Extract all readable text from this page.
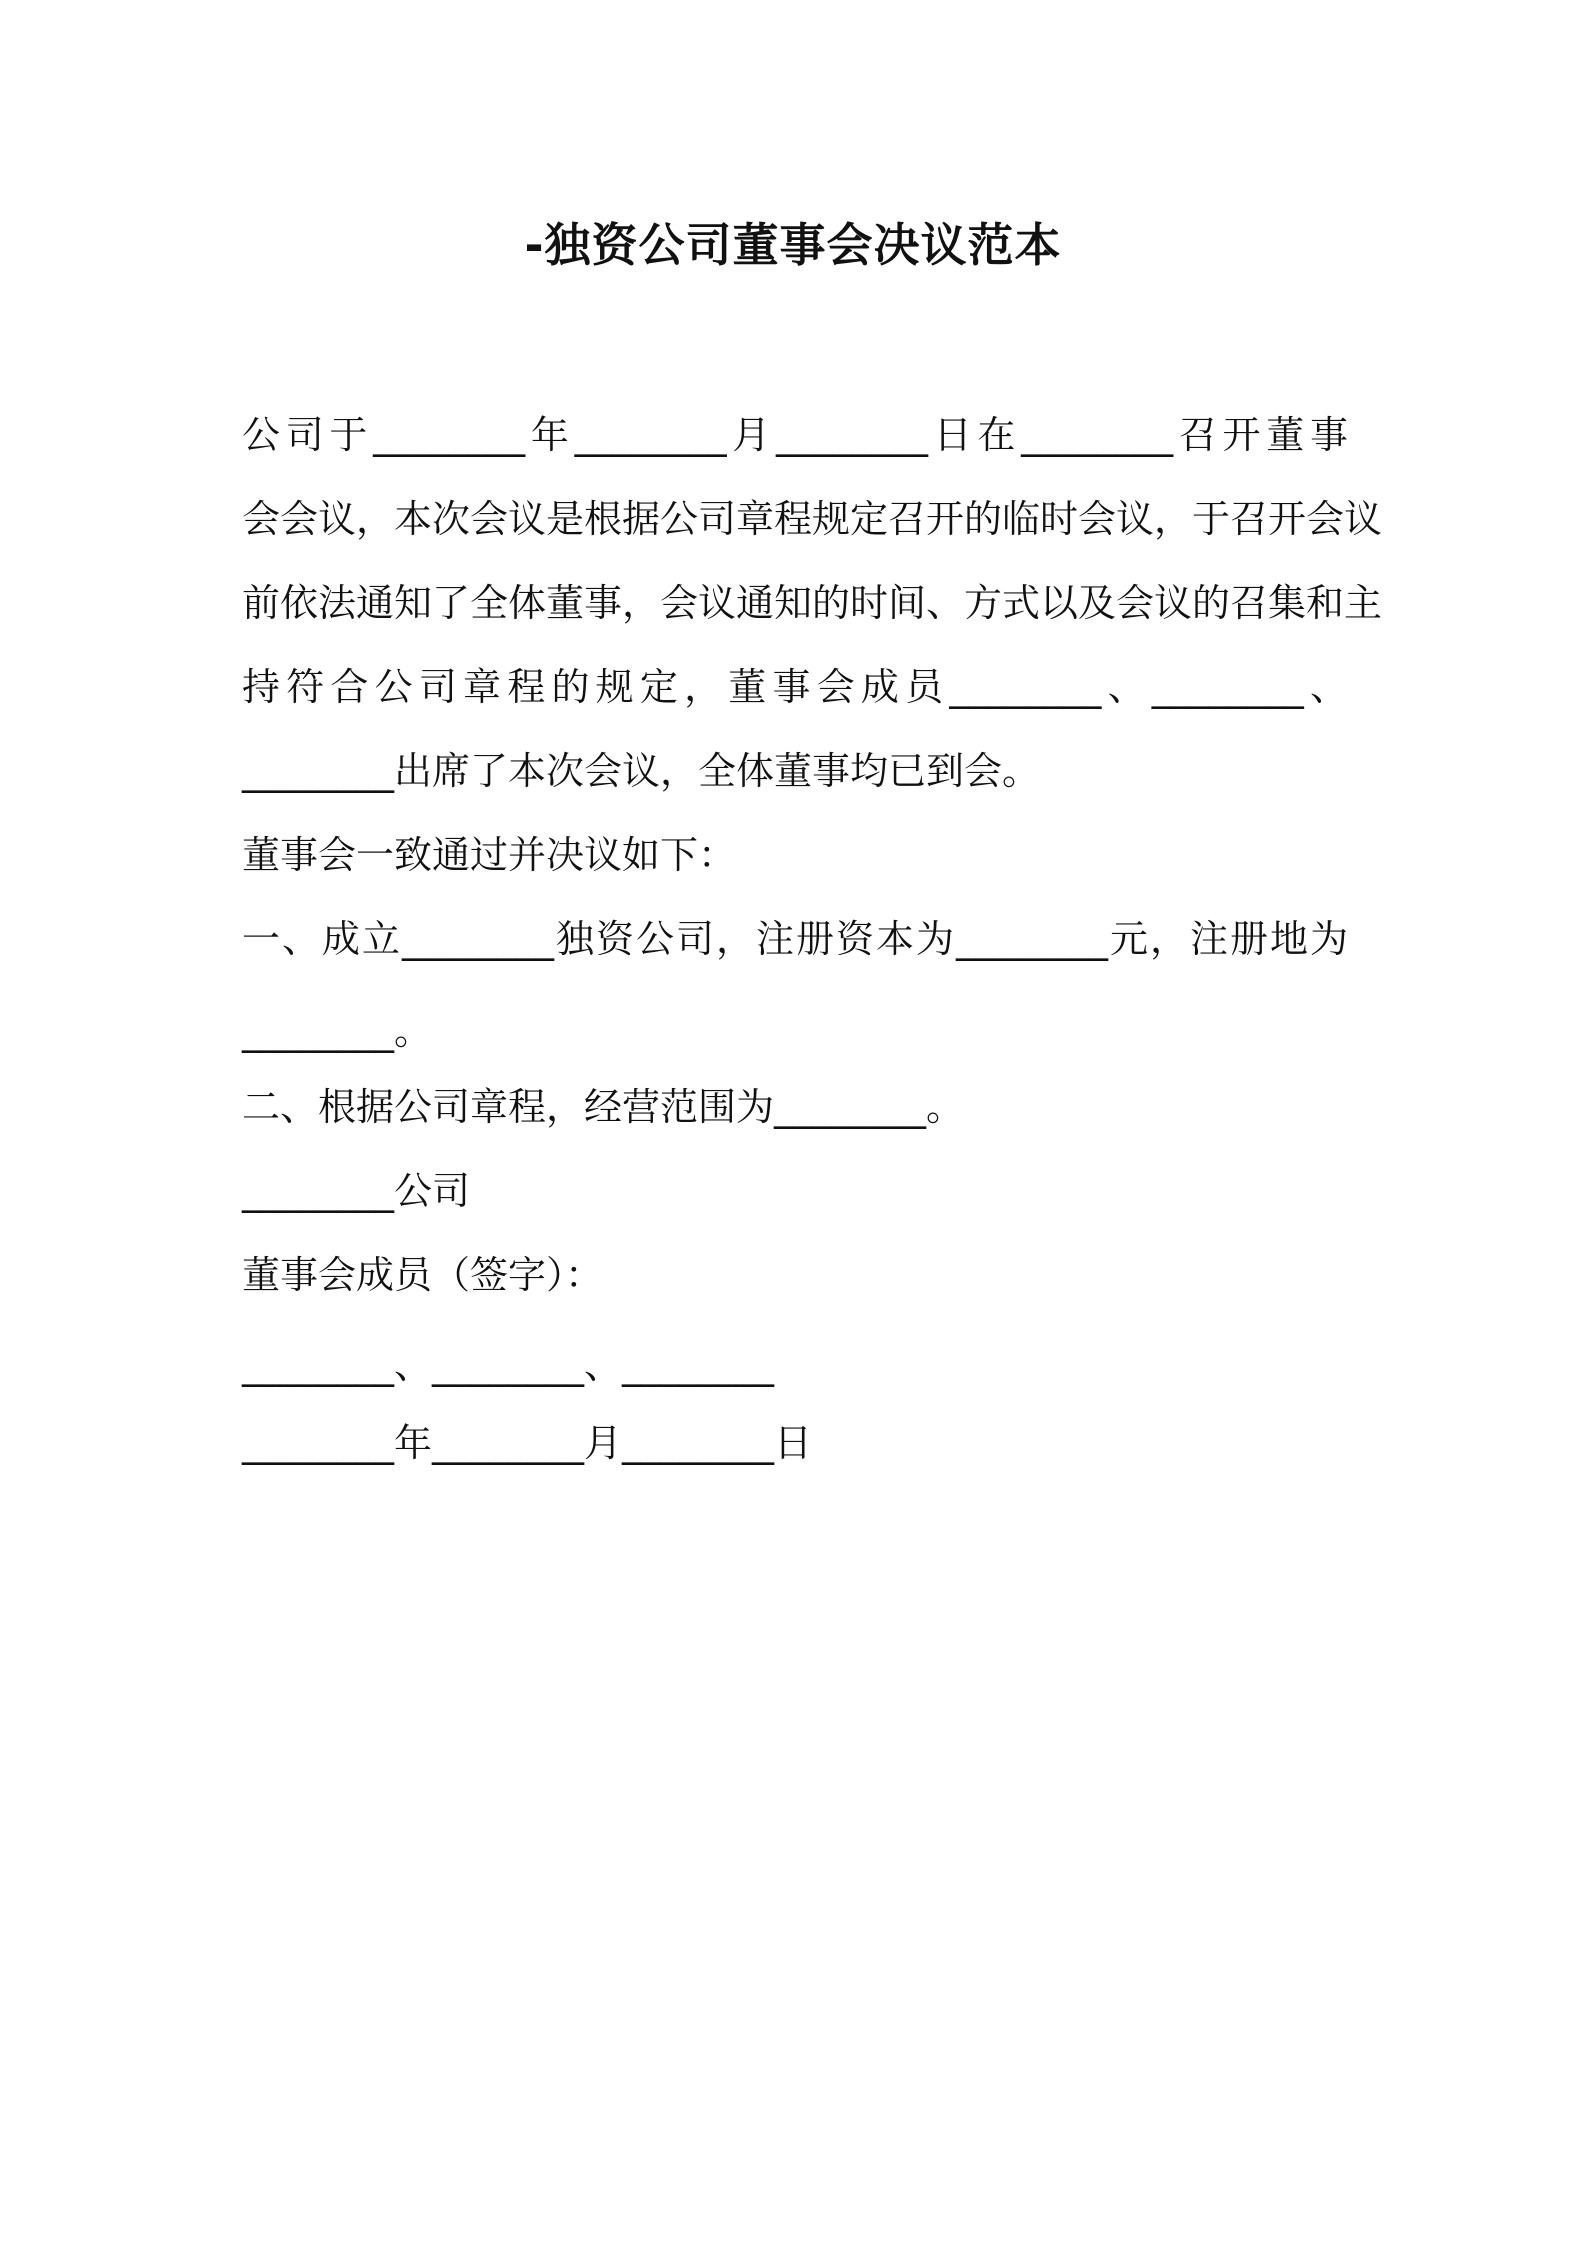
-独资公司董事会决议范本

公司于________年________月________日在________召开董事

会会议，本次会议是根据公司章程规定召开的临时会议，于召开会议

前依法通知了全体董事，会议通知的时间、方式以及会议的召集和主

持符合公司章程的规定，董事会成员________、________、

________出席了本次会议，全体董事均已到会。

董事会一致通过并决议如下：

一、成立________独资公司，注册资本为________元，注册地为

________。

二、根据公司章程，经营范围为________。

________公司

董事会成员（签字）：

________、________、________

________年________月________日
